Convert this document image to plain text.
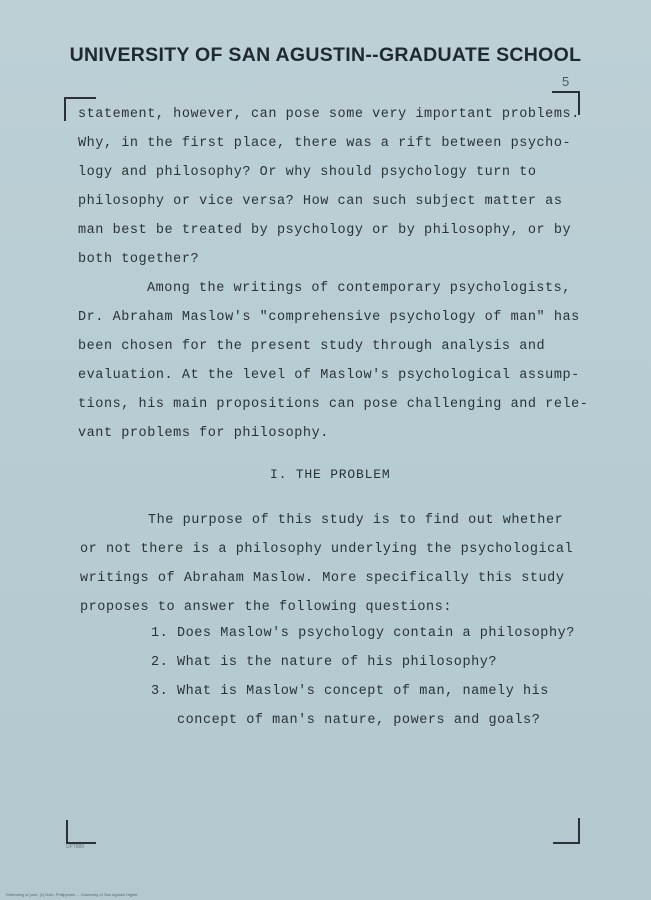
UNIVERSITY OF SAN AGUSTIN--GRADUATE SCHOOL
5
statement, however, can pose some very important problems.
Why, in the first place, there was a rift between psycho-
logy and philosophy? Or why should psychology turn to
philosophy or vice versa? How can such subject matter as
man best be treated by psychology or by philosophy, or by
both together?
Among the writings of contemporary psychologists,
Dr. Abraham Maslow's "comprehensive psychology of man" has
been chosen for the present study through analysis and
evaluation. At the level of Maslow's psychological assump-
tions, his main propositions can pose challenging and rele-
vant problems for philosophy.
I. THE PROBLEM
The purpose of this study is to find out whether
or not there is a philosophy underlying the psychological
writings of Abraham Maslow. More specifically this study
proposes to answer the following questions:
1. Does Maslow's psychology contain a philosophy?
2. What is the nature of his philosophy?
3. What is Maslow's concept of man, namely his
concept of man's nature, powers and goals?
UP7888
Rebinding of print, (c) Iloilo, Philippines ... University of San Agustin Digital
